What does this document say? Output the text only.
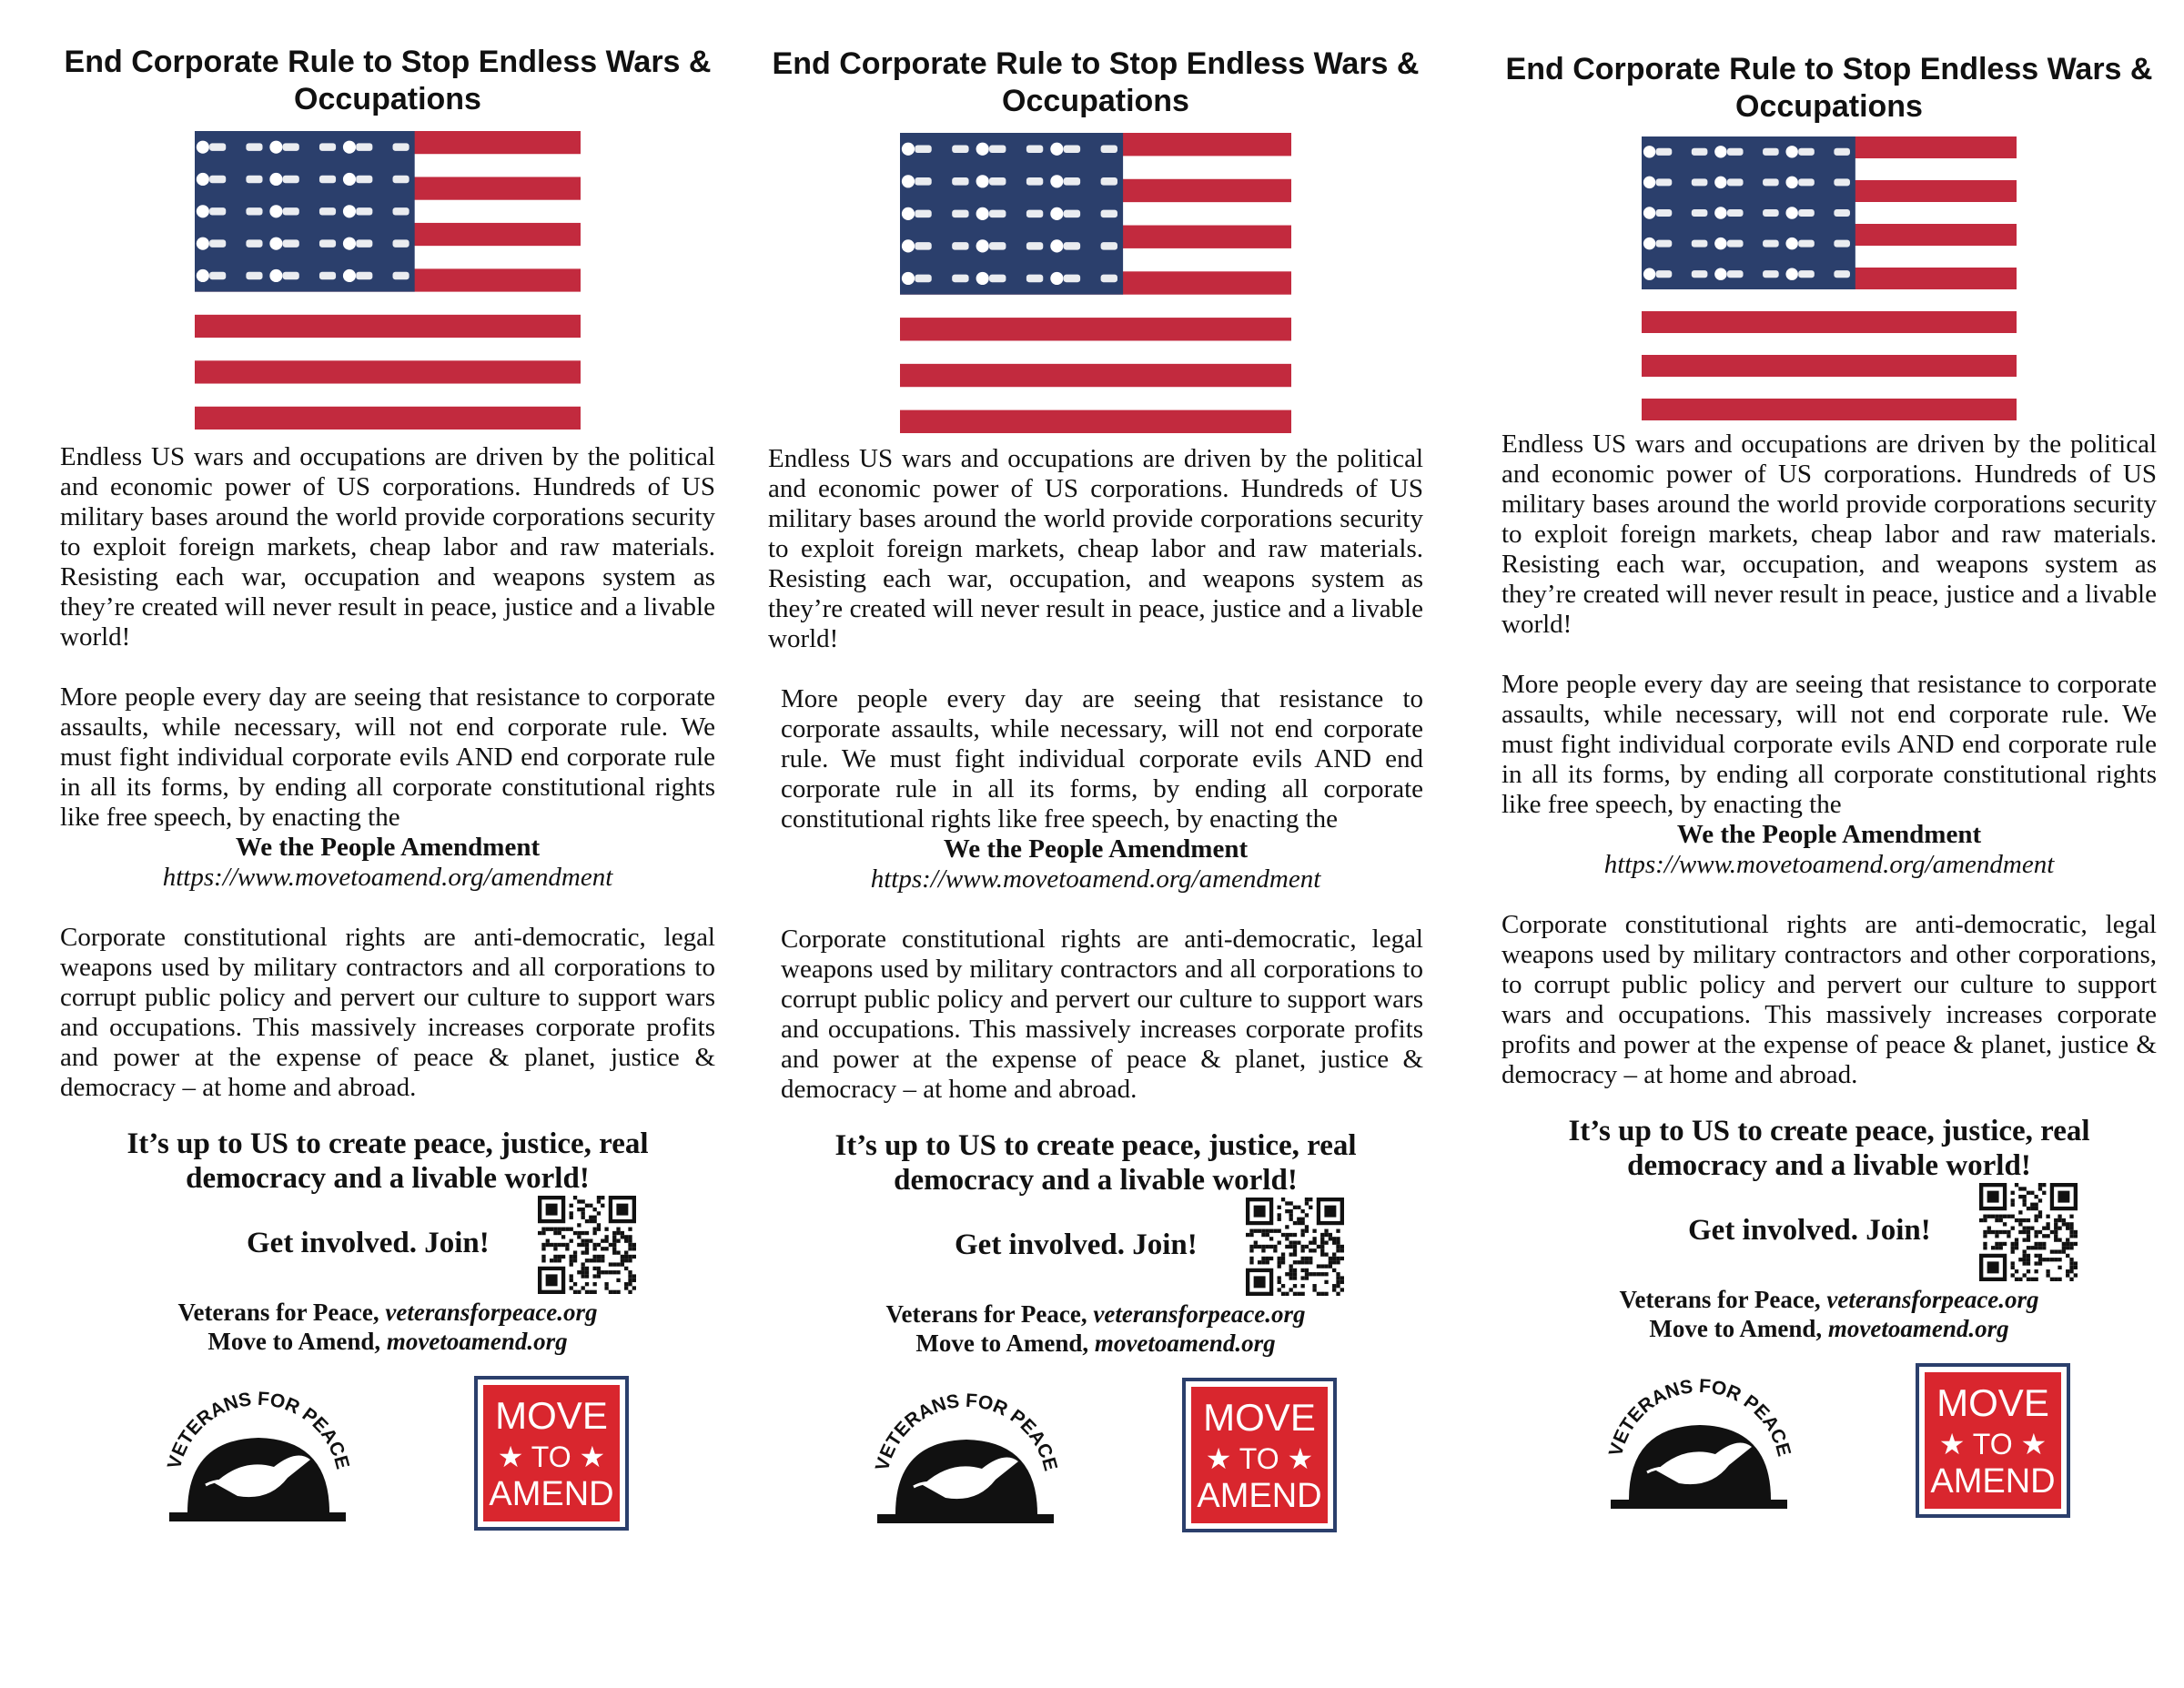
End Corporate Rule to Stop Endless Wars & Occupations

Endless US wars and occupations are driven by the political and economic power of US corporations. Hundreds of US military bases around the world provide corporations security to exploit foreign markets, cheap labor and raw materials. Resisting each war, occupation and weapons system as they’re created will never result in peace, justice and a livable world!

More people every day are seeing that resistance to corporate assaults, while necessary, will not end corporate rule. We must fight individual corporate evils AND end corporate rule in all its forms, by ending all corporate constitutional rights like free speech, by enacting the

We the People Amendment

https://www.movetoamend.org/amendment

Corporate constitutional rights are anti-democratic, legal weapons used by military contractors and all corporations to corrupt public policy and pervert our culture to support wars and occupations. This massively increases corporate profits and power at the expense of peace & planet, justice & democracy – at home and abroad.

It’s up to US to create peace, justice, real democracy and a livable world!

Get involved. Join!

Veterans for Peace, veteransforpeace.org

Move to Amend, movetoamend.org

VETERANS FOR PEACE
MOVE
★ TO ★
AMEND
End Corporate Rule to Stop Endless Wars & Occupations

Endless US wars and occupations are driven by the political and economic power of US corporations. Hundreds of US military bases around the world provide corporations security to exploit foreign markets, cheap labor and raw materials. Resisting each war, occupation, and weapons system as they’re created will never result in peace, justice and a livable world!

More people every day are seeing that resistance to corporate assaults, while necessary, will not end corporate rule. We must fight individual corporate evils AND end corporate rule in all its forms, by ending all corporate constitutional rights like free speech, by enacting the

We the People Amendment

https://www.movetoamend.org/amendment

Corporate constitutional rights are anti-democratic, legal weapons used by military contractors and all corporations to corrupt public policy and pervert our culture to support wars and occupations. This massively increases corporate profits and power at the expense of peace & planet, justice & democracy – at home and abroad.

It’s up to US to create peace, justice, real democracy and a livable world!

Get involved. Join!

Veterans for Peace, veteransforpeace.org

Move to Amend, movetoamend.org

VETERANS FOR PEACE
MOVE
★ TO ★
AMEND
End Corporate Rule to Stop Endless Wars & Occupations

Endless US wars and occupations are driven by the political and economic power of US corporations. Hundreds of US military bases around the world provide corporations security to exploit foreign markets, cheap labor and raw materials. Resisting each war, occupation, and weapons system as they’re created will never result in peace, justice and a livable world!

More people every day are seeing that resistance to corporate assaults, while necessary, will not end corporate rule. We must fight individual corporate evils AND end corporate rule in all its forms, by ending all corporate constitutional rights like free speech, by enacting the

We the People Amendment

https://www.movetoamend.org/amendment

Corporate constitutional rights are anti-democratic, legal weapons used by military contractors and other corporations, to corrupt public policy and pervert our culture to support wars and occupations. This massively increases corporate profits and power at the expense of peace & planet, justice & democracy – at home and abroad.

It’s up to US to create peace, justice, real democracy and a livable world!

Get involved. Join!

Veterans for Peace, veteransforpeace.org

Move to Amend, movetoamend.org

VETERANS FOR PEACE
MOVE
★ TO ★
AMEND
